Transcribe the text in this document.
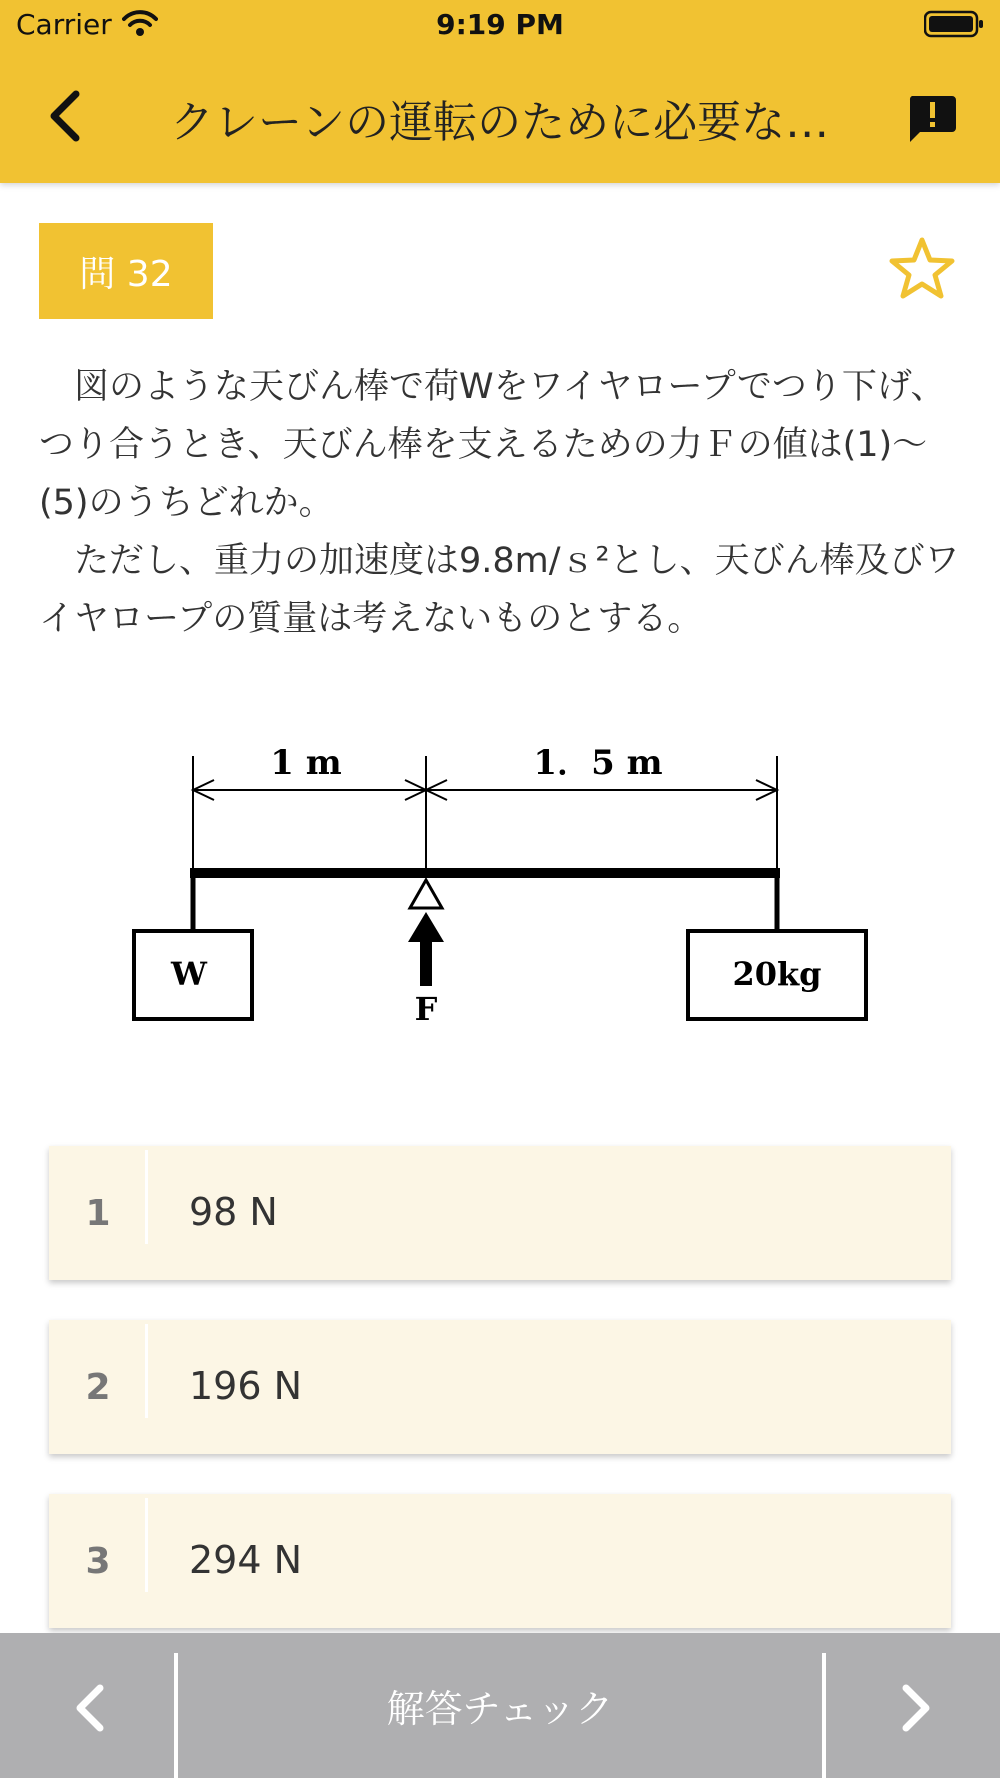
Carrier	9:19 PM
クレーンの運転のために必要な…
問 32
　図のような天びん棒で荷Wをワイヤロープでつり下げ、つり合うとき、天びん棒を支えるための力Ｆの値は(1)～(5)のうちどれか。
　ただし、重力の加速度は9.8m/ｓ²とし、天びん棒及びワイヤロープの質量は考えないものとする。
1 m	1．5 m
W	20kg
F
1	98 N
2	196 N
3	294 N
解答チェック
